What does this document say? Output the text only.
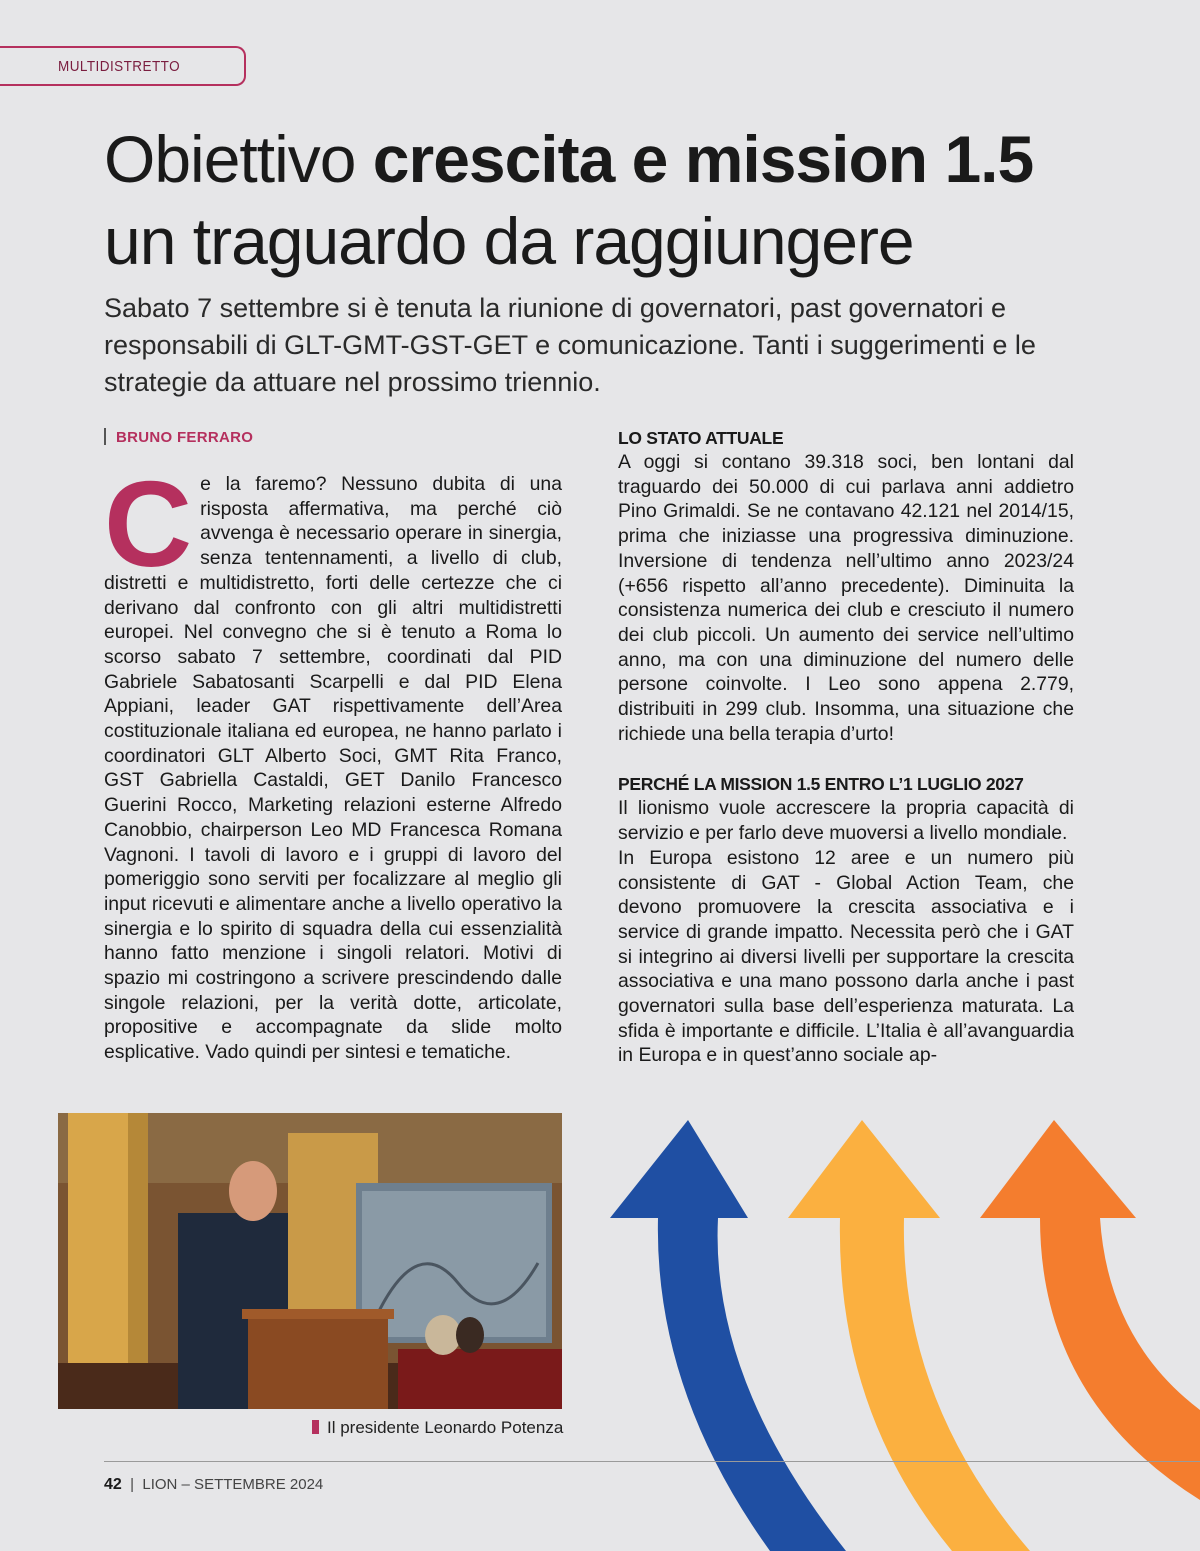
MULTIDISTRETTO
Obiettivo crescita e mission 1.5
un traguardo da raggiungere
Sabato 7 settembre si è tenuta la riunione di governatori, past governatori e responsabili di GLT-GMT-GST-GET e comunicazione. Tanti i suggerimenti e le strategie da attuare nel prossimo triennio.
BRUNO FERRARO
C e la faremo? Nessuno dubita di una risposta affermativa, ma perché ciò avvenga è necessario operare in sinergia, senza tentennamenti, a livello di club, distretti e multidistretto, forti delle certezze che ci derivano dal confronto con gli altri multidistretti europei. Nel convegno che si è tenuto a Roma lo scorso sabato 7 settembre, coordinati dal PID Gabriele Sabatosanti Scarpelli e dal PID Elena Appiani, leader GAT rispettivamente dell’Area costituzionale italiana ed europea, ne hanno parlato i coordinatori GLT Alberto Soci, GMT Rita Franco, GST Gabriella Castaldi, GET Danilo Francesco Guerini Rocco, Marketing relazioni esterne Alfredo Canobbio, chairperson Leo MD Francesca Romana Vagnoni. I tavoli di lavoro e i gruppi di lavoro del pomeriggio sono serviti per focalizzare al meglio gli input ricevuti e alimentare anche a livello operativo la sinergia e lo spirito di squadra della cui essenzialità hanno fatto menzione i singoli relatori. Motivi di spazio mi costringono a scrivere prescindendo dalle singole relazioni, per la verità dotte, articolate, propositive e accompagnate da slide molto esplicative. Vado quindi per sintesi e tematiche.

LO STATO ATTUALE

A oggi si contano 39.318 soci, ben lontani dal traguardo dei 50.000 di cui parlava anni addietro Pino Grimaldi. Se ne contavano 42.121 nel 2014/15, prima che iniziasse una progressiva diminuzione. Inversione di tendenza nell’ultimo anno 2023/24 (+656 rispetto all’anno precedente). Diminuita la consistenza numerica dei club e cresciuto il numero dei club piccoli. Un aumento dei service nell’ultimo anno, ma con una diminuzione del numero delle persone coinvolte. I Leo sono appena 2.779, distribuiti in 299 club. Insomma, una situazione che richiede una bella terapia d’urto!

PERCHÉ LA MISSION 1.5 ENTRO L’1 LUGLIO 2027

Il lionismo vuole accrescere la propria capacità di servizio e per farlo deve muoversi a livello mondiale.

In Europa esistono 12 aree e un numero più consistente di GAT - Global Action Team, che devono promuovere la crescita associativa e i service di grande impatto. Necessita però che i GAT si integrino ai diversi livelli per supportare la crescita associativa e una mano possono darla anche i past governatori sulla base dell’esperienza maturata. La sfida è importante e difficile. L’Italia è all’avanguardia in Europa e in quest’anno sociale ap-

Il presidente Leonardo Potenza
42  |  LION – SETTEMBRE 2024
